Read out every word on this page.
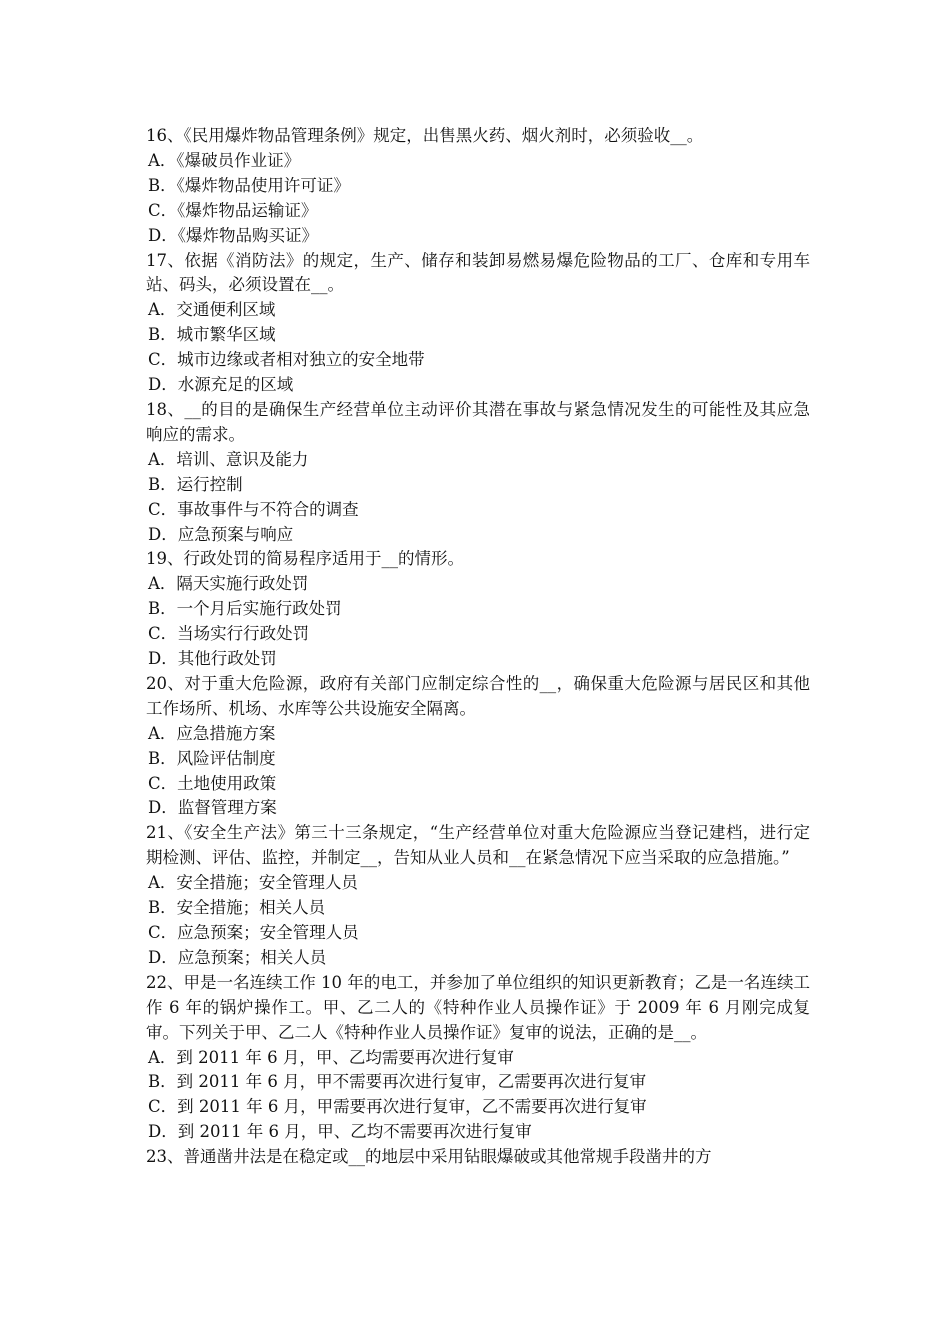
16、《民用爆炸物品管理条例》规定，出售黑火药、烟火剂时，必须验收__。

A．《爆破员作业证》

B．《爆炸物品使用许可证》

C．《爆炸物品运输证》

D．《爆炸物品购买证》

17、依据《消防法》的规定，生产、储存和装卸易燃易爆危险物品的工厂、仓库和专用车站、码头，必须设置在__。

A．交通便利区域

B．城市繁华区域

C．城市边缘或者相对独立的安全地带

D．水源充足的区域

18、__的目的是确保生产经营单位主动评价其潜在事故与紧急情况发生的可能性及其应急响应的需求。

A．培训、意识及能力

B．运行控制

C．事故事件与不符合的调查

D．应急预案与响应

19、行政处罚的简易程序适用于__的情形。

A．隔天实施行政处罚

B．一个月后实施行政处罚

C．当场实行行政处罚

D．其他行政处罚

20、对于重大危险源，政府有关部门应制定综合性的__，确保重大危险源与居民区和其他工作场所、机场、水库等公共设施安全隔离。

A．应急措施方案

B．风险评估制度

C．土地使用政策

D．监督管理方案

21、《安全生产法》第三十三条规定，“生产经营单位对重大危险源应当登记建档，进行定期检测、评估、监控，并制定__，告知从业人员和__在紧急情况下应当采取的应急措施。”

A．安全措施；安全管理人员

B．安全措施；相关人员

C．应急预案；安全管理人员

D．应急预案；相关人员

22、甲是一名连续工作 10 年的电工，并参加了单位组织的知识更新教育；乙是一名连续工作 6 年的锅炉操作工。甲、乙二人的《特种作业人员操作证》于 2009 年 6 月刚完成复审。下列关于甲、乙二人《特种作业人员操作证》复审的说法，正确的是__。

A．到 2011 年 6 月，甲、乙均需要再次进行复审

B．到 2011 年 6 月，甲不需要再次进行复审，乙需要再次进行复审

C．到 2011 年 6 月，甲需要再次进行复审，乙不需要再次进行复审

D．到 2011 年 6 月，甲、乙均不需要再次进行复审

23、普通凿井法是在稳定或__的地层中采用钻眼爆破或其他常规手段凿井的方
